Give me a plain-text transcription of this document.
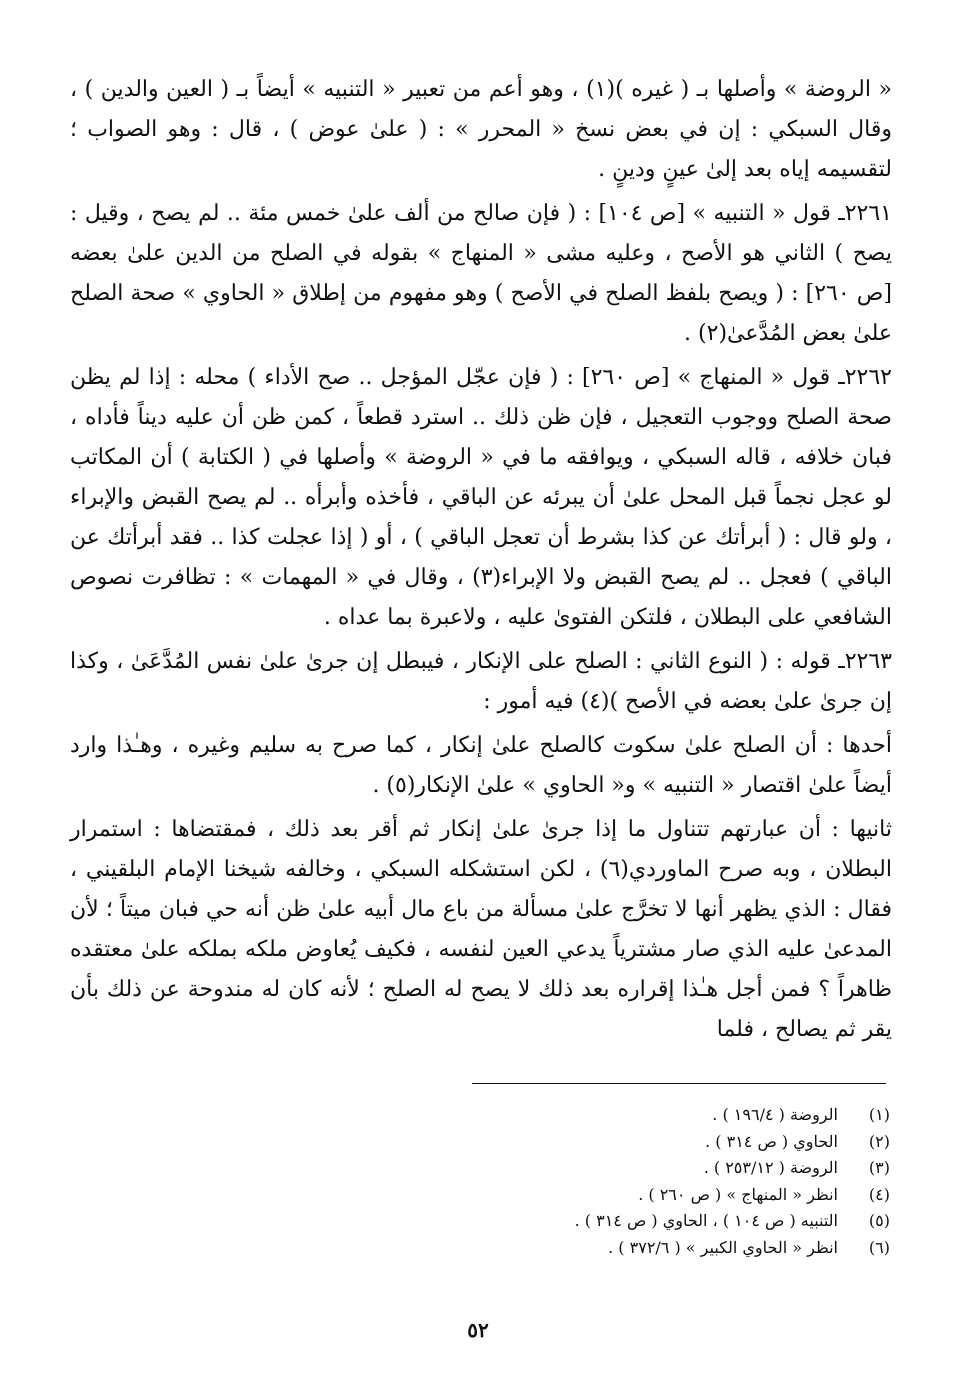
« الروضة » وأصلها بـ ( غيره )(١) ، وهو أعم من تعبير « التنبيه » أيضاً بـ ( العين والدين ) ، وقال السبكي : إن في بعض نسخ « المحرر » : ( علىٰ عوض ) ، قال : وهو الصواب ؛ لتقسيمه إياه بعد إلىٰ عينٍ ودينٍ .

٢٢٦١ـ قول « التنبيه » [ص ١٠٤] : ( فإن صالح من ألف علىٰ خمس مئة .. لم يصح ، وقيل : يصح ) الثاني هو الأصح ، وعليه مشى « المنهاج » بقوله في الصلح من الدين علىٰ بعضه [ص ٢٦٠] : ( ويصح بلفظ الصلح في الأصح ) وهو مفهوم من إطلاق « الحاوي » صحة الصلح علىٰ بعض المُدَّعىٰ(٢) .

٢٢٦٢ـ قول « المنهاج » [ص ٢٦٠] : ( فإن عجّل المؤجل .. صح الأداء ) محله : إذا لم يظن صحة الصلح ووجوب التعجيل ، فإن ظن ذلك .. استرد قطعاً ، كمن ظن أن عليه ديناً فأداه ، فبان خلافه ، قاله السبكي ، ويوافقه ما في « الروضة » وأصلها في ( الكتابة ) أن المكاتب لو عجل نجماً قبل المحل علىٰ أن يبرئه عن الباقي ، فأخذه وأبرأه .. لم يصح القبض والإبراء ، ولو قال : ( أبرأتك عن كذا بشرط أن تعجل الباقي ) ، أو ( إذا عجلت كذا .. فقد أبرأتك عن الباقي ) فعجل .. لم يصح القبض ولا الإبراء(٣) ، وقال في « المهمات » : تظافرت نصوص الشافعي على البطلان ، فلتكن الفتوىٰ عليه ، ولاعبرة بما عداه .

٢٢٦٣ـ قوله : ( النوع الثاني : الصلح على الإنكار ، فيبطل إن جرىٰ علىٰ نفس المُدَّعَىٰ ، وكذا إن جرىٰ علىٰ بعضه في الأصح )(٤) فيه أمور :

أحدها : أن الصلح علىٰ سكوت كالصلح علىٰ إنكار ، كما صرح به سليم وغيره ، وهـٰذا وارد أيضاً علىٰ اقتصار « التنبيه » و« الحاوي » علىٰ الإنكار(٥) .

ثانيها : أن عبارتهم تتناول ما إذا جرىٰ علىٰ إنكار ثم أقر بعد ذلك ، فمقتضاها : استمرار البطلان ، وبه صرح الماوردي(٦) ، لكن استشكله السبكي ، وخالفه شيخنا الإمام البلقيني ، فقال : الذي يظهر أنها لا تخرَّج علىٰ مسألة من باع مال أبيه علىٰ ظن أنه حي فبان ميتاً ؛ لأن المدعىٰ عليه الذي صار مشترياً يدعي العين لنفسه ، فكيف يُعاوض ملكه بملكه علىٰ معتقده ظاهراً ؟ فمن أجل هـٰذا إقراره بعد ذلك لا يصح له الصلح ؛ لأنه كان له مندوحة عن ذلك بأن يقر ثم يصالح ، فلما

(١)
الروضة ( ١٩٦/٤ ) .
(٢)
الحاوي ( ص ٣١٤ ) .
(٣)
الروضة ( ٢٥٣/١٢ ) .
(٤)
انظر « المنهاج » ( ص ٢٦٠ ) .
(٥)
التنبيه ( ص ١٠٤ ) ، الحاوي ( ص ٣١٤ ) .
(٦)
انظر « الحاوي الكبير » ( ٣٧٢/٦ ) .
٥٢
